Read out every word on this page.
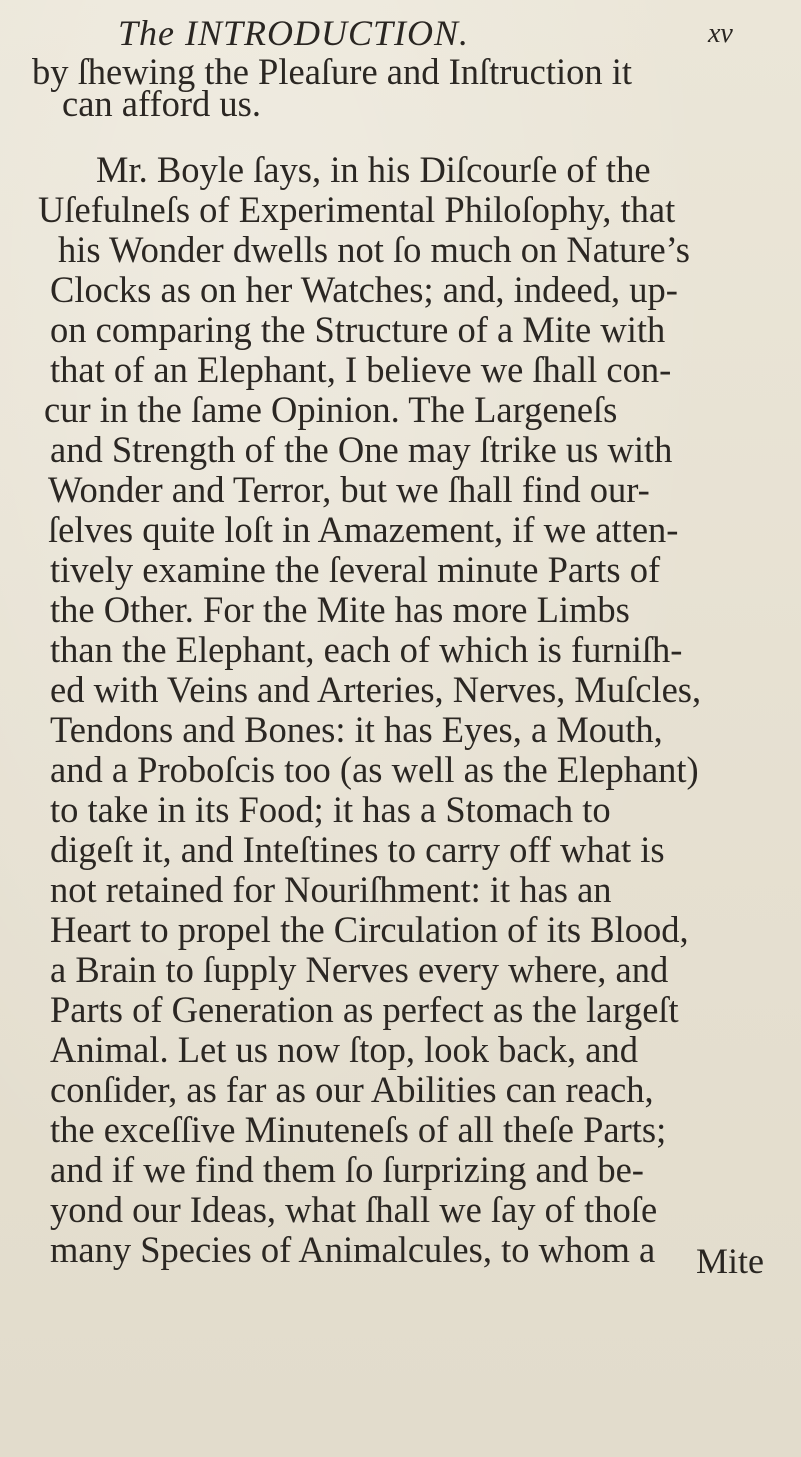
The INTRODUCTION.	xv
by ſhewing the Pleaſure and Inſtruction it
can afford us.
Mr. Boyle ſays, in his Diſcourſe of the
Uſefulneſs of Experimental Philoſophy, that
his Wonder dwells not ſo much on Nature’s
Clocks as on her Watches; and, indeed, up-
on comparing the Structure of a Mite with
that of an Elephant, I believe we ſhall con-
cur in the ſame Opinion. The Largeneſs
and Strength of the One may ſtrike us with
Wonder and Terror, but we ſhall find our-
ſelves quite loſt in Amazement, if we atten-
tively examine the ſeveral minute Parts of
the Other. For the Mite has more Limbs
than the Elephant, each of which is furniſh-
ed with Veins and Arteries, Nerves, Muſcles,
Tendons and Bones: it has Eyes, a Mouth,
and a Proboſcis too (as well as the Elephant)
to take in its Food; it has a Stomach to
digeſt it, and Inteſtines to carry off what is
not retained for Nouriſhment: it has an
Heart to propel the Circulation of its Blood,
a Brain to ſupply Nerves every where, and
Parts of Generation as perfect as the largeſt
Animal. Let us now ſtop, look back, and
conſider, as far as our Abilities can reach,
the exceſſive Minuteneſs of all theſe Parts;
and if we find them ſo ſurprizing and be-
yond our Ideas, what ſhall we ſay of thoſe
many Species of Animalcules, to whom a Mite
